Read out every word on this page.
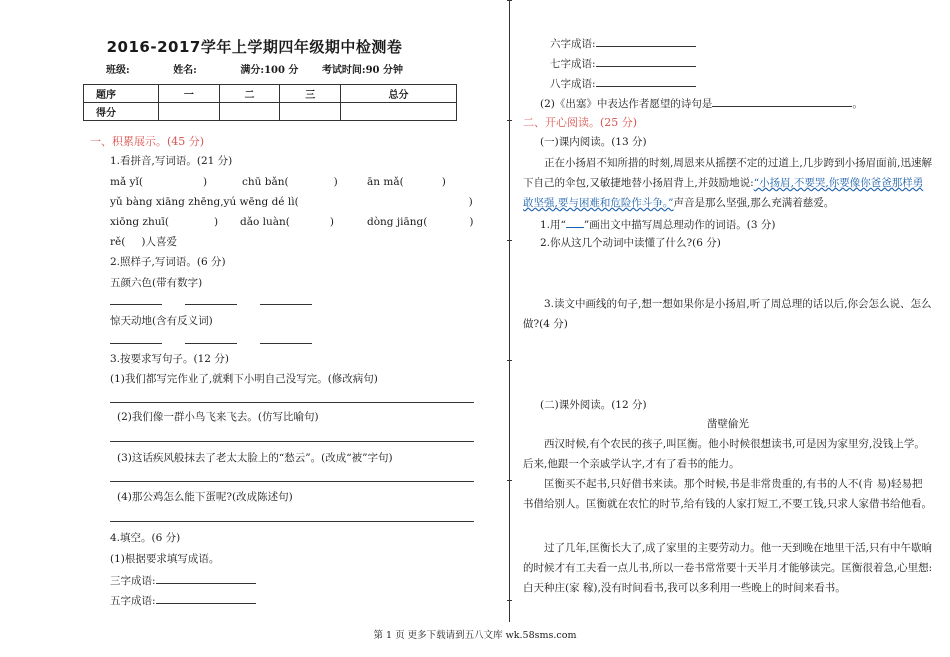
2016-2017学年上学期四年级期中检测卷
班级:	姓名:	满分:100 分 考试时间:90 分钟
题序	一	二	三	总分
得分				
一、积累展示。(45 分)
1.看拼音,写词语。(21 分)
mǎ yǐ(	)	chū bǎn(	)	ān mǎ(	)
yǔ bàng xiāng zhēng,yú wēng dé lì(	)
xiōng zhuī(	) dǎo luàn(	)	dòng jiāng(	)
rě( )人喜爱
2.照样子,写词语。(6 分)
五颜六色(带有数字)
惊天动地(含有反义词)
3.按要求写句子。(12 分)
(1)我们都写完作业了,就剩下小明自己没写完。(修改病句)
(2)我们像一群小鸟飞来飞去。(仿写比喻句)
(3)这话疾风般抹去了老太太脸上的“愁云”。(改成“被”字句)
(4)那公鸡怎么能下蛋呢?(改成陈述句)
4.填空。(6 分)
(1)根据要求填写成语。
三字成语:
五字成语:
六字成语:
七字成语:
八字成语:
(2)《出塞》中表达作者愿望的诗句是	。
二、开心阅读。(25 分)
(一)课内阅读。(13 分)
正在小扬眉不知所措的时刻,周恩来从摇摆不定的过道上,几步跨到小扬眉面前,迅速解下自己的伞包,又敏捷地替小扬眉背上,并鼓励地说:“小扬眉,不要哭,你要像你爸爸那样勇敢坚强,要与困难和危险作斗争。”声音是那么坚强,那么充满着慈爱。
1.用“ ”画出文中描写周总理动作的词语。(3 分)
2.你从这几个动词中读懂了什么?(6 分)
3.读文中画线的句子,想一想如果你是小扬眉,听了周总理的话以后,你会怎么说、怎么做?(4 分)
(二)课外阅读。(12 分)
凿壁偷光
西汉时候,有个农民的孩子,叫匡衡。他小时候很想读书,可是因为家里穷,没钱上学。后来,他跟一个亲戚学认字,才有了看书的能力。
匡衡买不起书,只好借书来读。那个时候,书是非常贵重的,有书的人不(肯 易)轻易把书借给别人。匡衡就在农忙的时节,给有钱的人家打短工,不要工钱,只求人家借书给他看。
过了几年,匡衡长大了,成了家里的主要劳动力。他一天到晚在地里干活,只有中午歇晌的时候才有工夫看一点儿书,所以一卷书常常要十天半月才能够读完。匡衡很着急,心里想:白天种庄(家 稼),没有时间看书,我可以多利用一些晚上的时间来看书。
第 1 页 更多下载请到五八文库 wk.58sms.com
